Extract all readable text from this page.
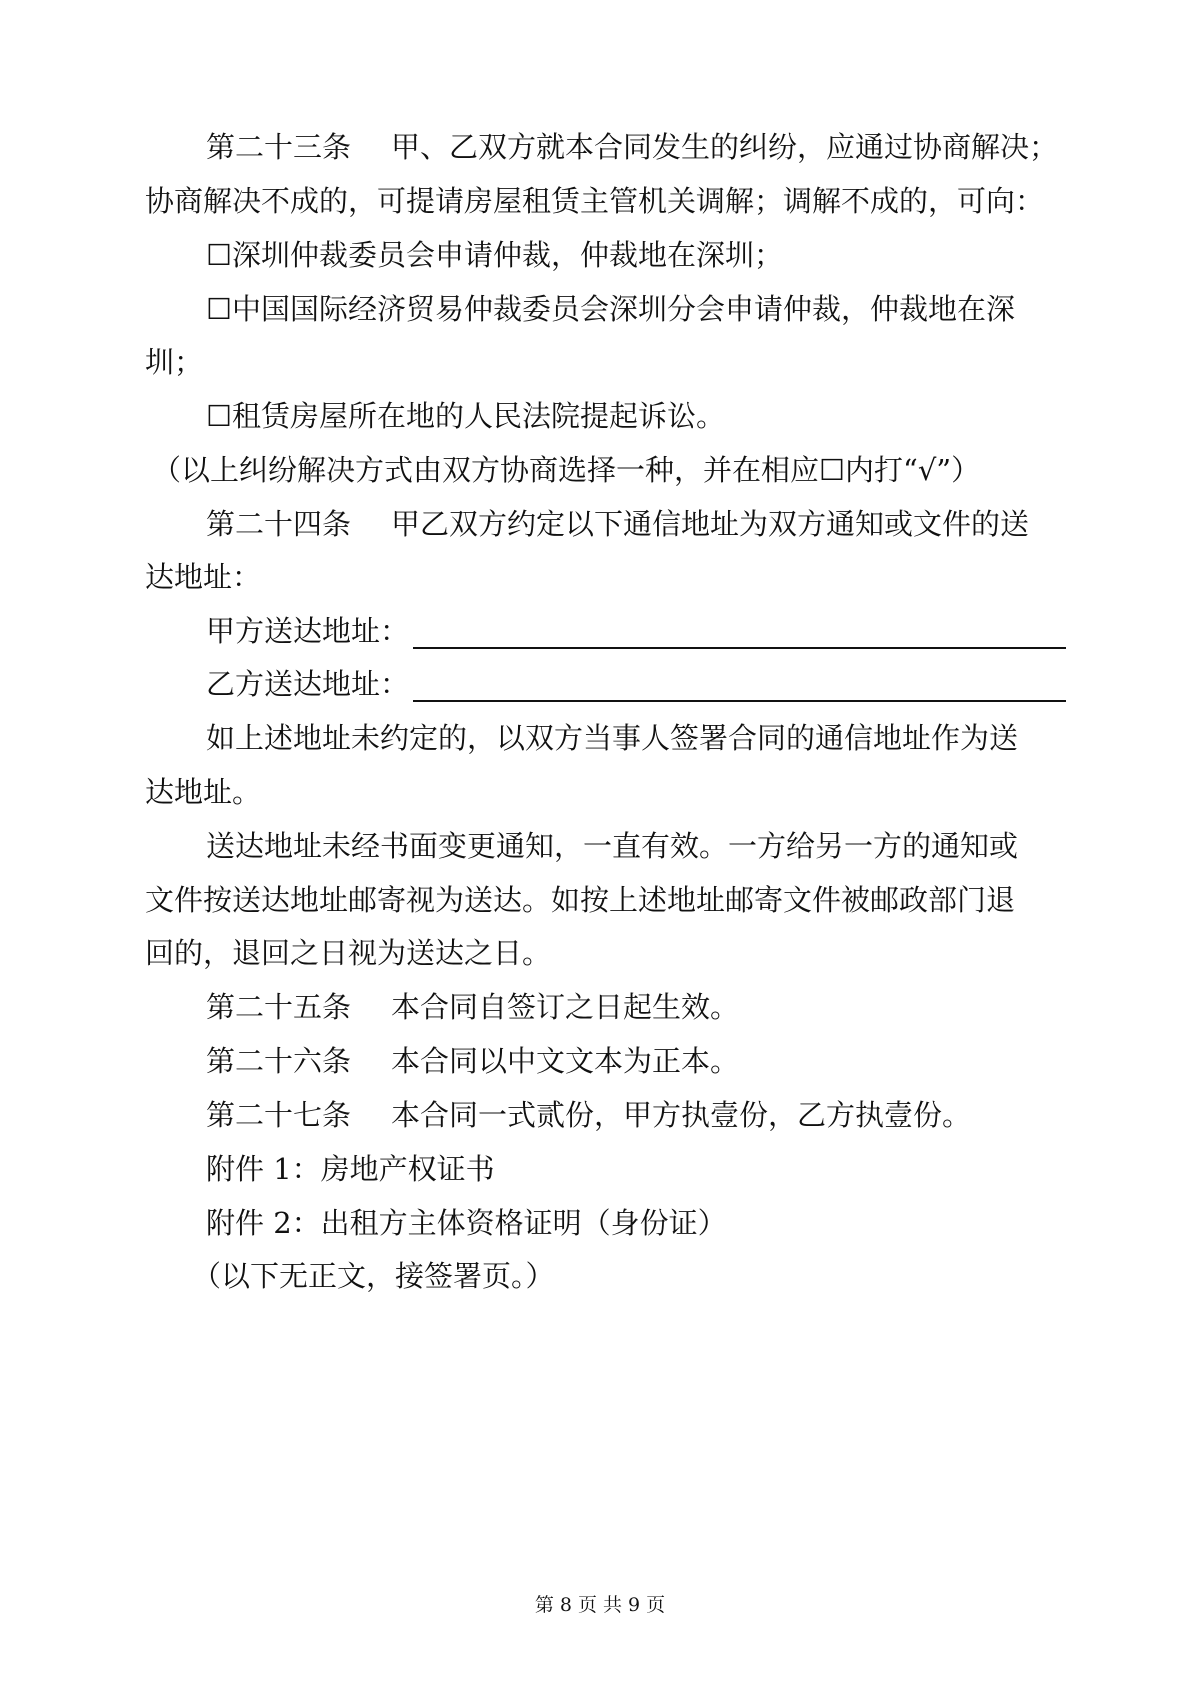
第二十三条 甲、乙双方就本合同发生的纠纷，应通过协商解决；
协商解决不成的，可提请房屋租赁主管机关调解；调解不成的，可向：
☐深圳仲裁委员会申请仲裁，仲裁地在深圳；
☐中国国际经济贸易仲裁委员会深圳分会申请仲裁，仲裁地在深
圳；
☐租赁房屋所在地的人民法院提起诉讼。
（以上纠纷解决方式由双方协商选择一种，并在相应☐内打“√”）
第二十四条 甲乙双方约定以下通信地址为双方通知或文件的送
达地址：
甲方送达地址：
乙方送达地址：
如上述地址未约定的，以双方当事人签署合同的通信地址作为送
达地址。
送达地址未经书面变更通知，一直有效。一方给另一方的通知或
文件按送达地址邮寄视为送达。如按上述地址邮寄文件被邮政部门退
回的，退回之日视为送达之日。
第二十五条 本合同自签订之日起生效。
第二十六条 本合同以中文文本为正本。
第二十七条 本合同一式贰份，甲方执壹份，乙方执壹份。
附件 1：房地产权证书
附件 2：出租方主体资格证明（身份证）
（以下无正文，接签署页。）
第 8 页 共 9 页
